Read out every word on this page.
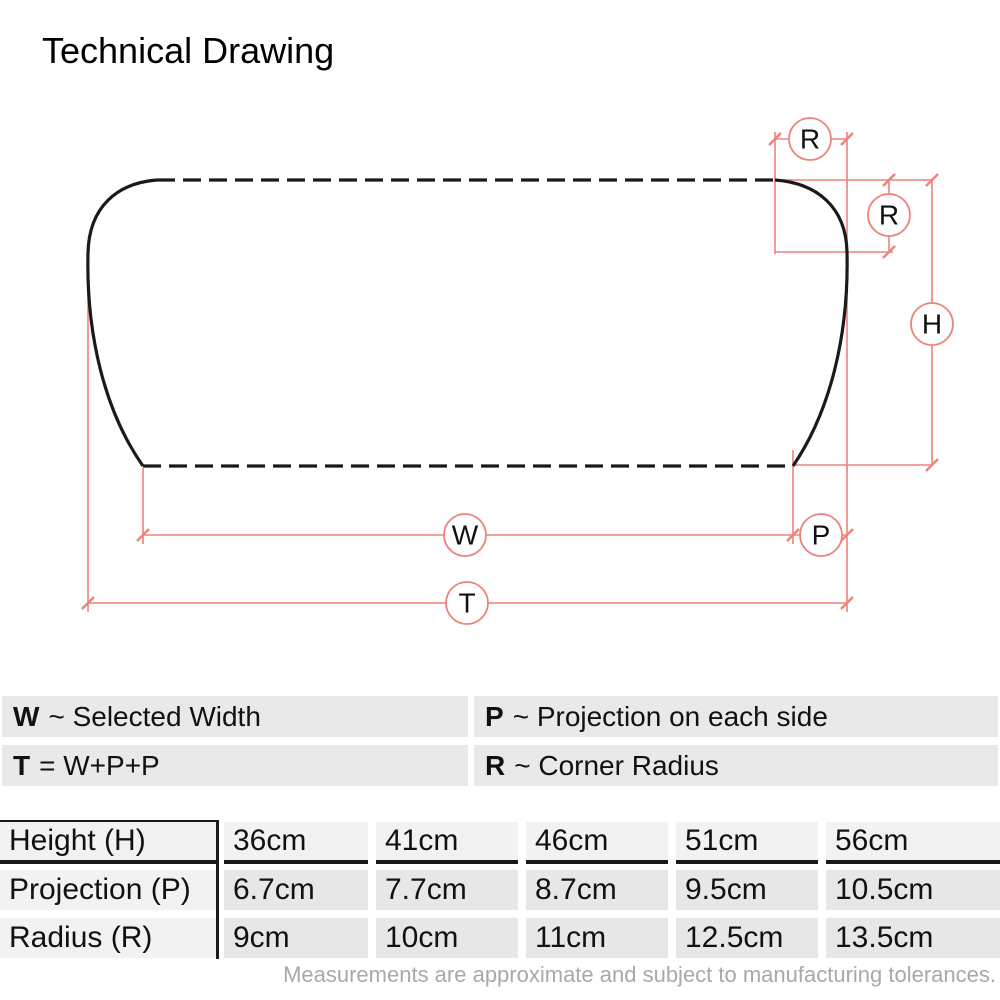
Technical Drawing
R
R
H
W	P
T
W ~ Selected Width	P ~ Projection on each side
T = W+P+P	R ~ Corner Radius
Height (H)	36cm	41cm	46cm	51cm	56cm
Projection (P)	6.7cm	7.7cm	8.7cm	9.5cm	10.5cm
Radius (R)	9cm	10cm	11cm	12.5cm	13.5cm
Measurements are approximate and subject to manufacturing tolerances.
